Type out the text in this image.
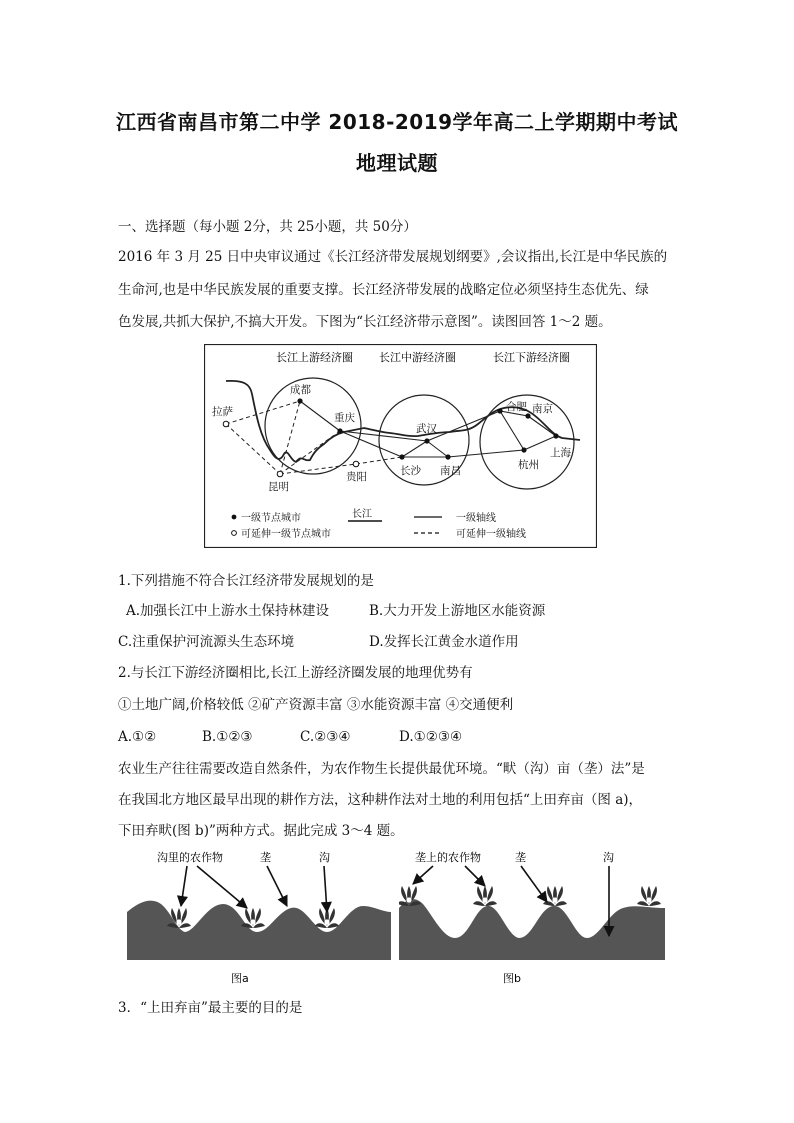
江西省南昌市第二中学 2018-2019学年高二上学期期中考试
地理试题
一、选择题（每小题 2分，共 25小题，共 50分）
2016 年 3 月 25 日中央审议通过《长江经济带发展规划纲要》,会议指出,长江是中华民族的
生命河,也是中华民族发展的重要支撑。长江经济带发展的战略定位必须坚持生态优先、绿
色发展,共抓大保护,不搞大开发。下图为“长江经济带示意图”。读图回答 1～2 题。
长江上游经济圈 长江中游经济圈	长江下游经济圈
成都
拉萨	重庆
昆明
贵阳
武汉
长沙 南昌
合肥 南京
上海
杭州
一级节点城市
可延伸一级节点城市
长江	一级轴线
可延伸一级轴线
1.下列措施不符合长江经济带发展规划的是
A.加强长江中上游水土保持林建设	B.大力开发上游地区水能资源
C.注重保护河流源头生态环境	D.发挥长江黄金水道作用
2.与长江下游经济圈相比,长江上游经济圈发展的地理优势有
①土地广阔,价格较低 ②矿产资源丰富 ③水能资源丰富 ④交通便利
A.①②	B.①②③	C.②③④	D.①②③④
农业生产往往需要改造自然条件，为农作物生长提供最优环境。“畎（沟）亩（垄）法”是
在我国北方地区最早出现的耕作方法，这种耕作法对土地的利用包括“上田弃亩（图 a)，
下田弃畎(图 b)”两种方式。据此完成 3～4 题。
沟里的农作物	垄	沟
图a
垄上的农作物	垄	沟
图b
3．“上田弃亩”最主要的目的是
